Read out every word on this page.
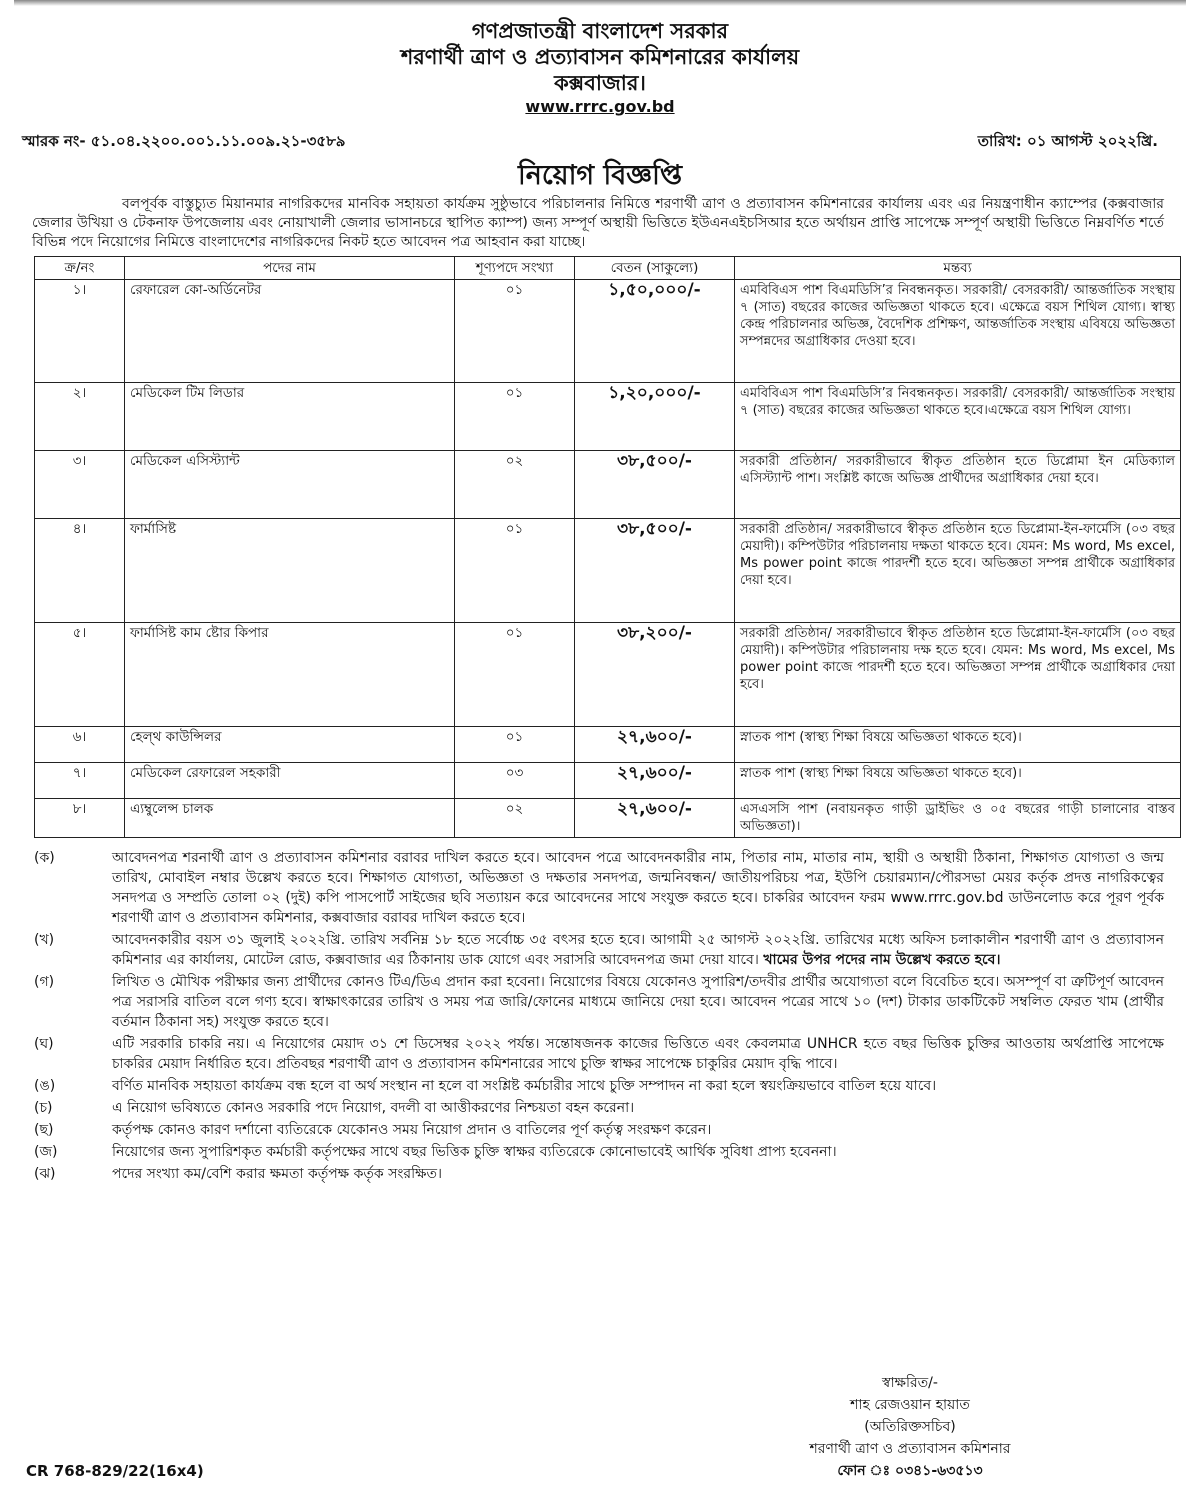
গণপ্রজাতন্ত্রী বাংলাদেশ সরকার
শরণার্থী ত্রাণ ও প্রত্যাবাসন কমিশনারের কার্যালয়
কক্সবাজার।
www.rrrc.gov.bd
স্মারক নং- ৫১.০৪.২২০০.০০১.১১.০০৯.২১-৩৫৮৯	তারিখ: ০১ আগস্ট ২০২২খ্রি.
নিয়োগ বিজ্ঞপ্তি

বলপূর্বক বাস্তুচ্যুত মিয়ানমার নাগরিকদের মানবিক সহায়তা কার্যক্রম সুষ্ঠুভাবে পরিচালনার নিমিত্তে শরণার্থী ত্রাণ ও প্রত্যাবাসন কমিশনারের কার্যালয় এবং এর নিয়ন্ত্রণাধীন ক্যাম্পের (কক্সবাজার জেলার উখিয়া ও টেকনাফ উপজেলায় এবং নোয়াখালী জেলার ভাসানচরে স্থাপিত ক্যাম্প) জন্য সম্পূর্ণ অস্থায়ী ভিত্তিতে ইউএনএইচসিআর হতে অর্থায়ন প্রাপ্তি সাপেক্ষে সম্পূর্ণ অস্থায়ী ভিত্তিতে নিম্নবর্ণিত শর্তে বিভিন্ন পদে নিয়োগের নিমিত্তে বাংলাদেশের নাগরিকদের নিকট হতে আবেদন পত্র আহবান করা যাচ্ছে।

ক্র/নং	পদের নাম	শূণ্যপদে সংখ্যা	বেতন (সাকুল্যে)	মন্তব্য
১।	রেফারেল কো-অর্ডিনেটর	০১	১,৫০,০০০/-	এমবিবিএস পাশ বিএমডিসি’র নিবন্ধনকৃত। সরকারী/ বেসরকারী/ আন্তর্জাতিক সংস্থায় ৭ (সাত) বছরের কাজের অভিজ্ঞতা থাকতে হবে। এক্ষেত্রে বয়স শিথিল যোগ্য। স্বাস্থ্য কেন্দ্র পরিচালনার অভিজ্ঞ, বৈদেশিক প্রশিক্ষণ, আন্তর্জাতিক সংস্থায় এবিষয়ে অভিজ্ঞতা সম্পন্নদের অগ্রাধিকার দেওয়া হবে।
২।	মেডিকেল টিম লিডার	০১	১,২০,০০০/-	এমবিবিএস পাশ বিএমডিসি’র নিবন্ধনকৃত। সরকারী/ বেসরকারী/ আন্তর্জাতিক সংস্থায় ৭ (সাত) বছরের কাজের অভিজ্ঞতা থাকতে হবে।এক্ষেত্রে বয়স শিথিল যোগ্য।
৩।	মেডিকেল এসিস্ট্যান্ট	০২	৩৮,৫০০/-	সরকারী প্রতিষ্ঠান/ সরকারীভাবে স্বীকৃত প্রতিষ্ঠান হতে ডিপ্লোমা ইন মেডিক্যাল এসিস্ট্যান্ট পাশ। সংশ্লিষ্ট কাজে অভিজ্ঞ প্রার্থীদের অগ্রাধিকার দেয়া হবে।
৪।	ফার্মাসিষ্ট	০১	৩৮,৫০০/-	সরকারী প্রতিষ্ঠান/ সরকারীভাবে স্বীকৃত প্রতিষ্ঠান হতে ডিপ্লোমা-ইন-ফার্মেসি (০৩ বছর মেয়াদী)। কম্পিউটার পরিচালনায় দক্ষতা থাকতে হবে। যেমন: Ms word, Ms excel, Ms power point কাজে পারদর্শী হতে হবে। অভিজ্ঞতা সম্পন্ন প্রার্থীকে অগ্রাধিকার দেয়া হবে।
৫।	ফার্মাসিষ্ট কাম ষ্টোর কিপার	০১	৩৮,২০০/-	সরকারী প্রতিষ্ঠান/ সরকারীভাবে স্বীকৃত প্রতিষ্ঠান হতে ডিপ্লোমা-ইন-ফার্মেসি (০৩ বছর মেয়াদী)। কম্পিউটার পরিচালনায় দক্ষ হতে হবে। যেমন: Ms word, Ms excel, Ms power point কাজে পারদর্শী হতে হবে। অভিজ্ঞতা সম্পন্ন প্রার্থীকে অগ্রাধিকার দেয়া হবে।
৬।	হেল্থ কাউন্সিলর	০১	২৭,৬০০/-	স্নাতক পাশ (স্বাস্থ্য শিক্ষা বিষয়ে অভিজ্ঞতা থাকতে হবে)।
৭।	মেডিকেল রেফারেল সহকারী	০৩	২৭,৬০০/-	স্নাতক পাশ (স্বাস্থ্য শিক্ষা বিষয়ে অভিজ্ঞতা থাকতে হবে)।
৮।	এ্যম্বুলেন্স চালক	০২	২৭,৬০০/-	এসএসসি পাশ (নবায়নকৃত গাড়ী ড্রাইভিং ও ০৫ বছরের গাড়ী চালানোর বাস্তব অভিজ্ঞতা)।
(ক)	আবেদনপত্র শরনার্থী ত্রাণ ও প্রত্যাবাসন কমিশনার বরাবর দাখিল করতে হবে। আবেদন পত্রে আবেদনকারীর নাম, পিতার নাম, মাতার নাম, স্থায়ী ও অস্থায়ী ঠিকানা, শিক্ষাগত যোগ্যতা ও জন্ম তারিখ, মোবাইল নম্বার উল্লেখ করতে হবে। শিক্ষাগত যোগ্যতা, অভিজ্ঞতা ও দক্ষতার সনদপত্র, জন্মনিবন্ধন/ জাতীয়পরিচয় পত্র, ইউপি চেয়ারম্যান/পৌরসভা মেয়র কর্তৃক প্রদত্ত নাগরিকত্বের সনদপত্র ও সম্প্রতি তোলা ০২ (দুই) কপি পাসপোর্ট সাইজের ছবি সত্যায়ন করে আবেদনের সাথে সংযুক্ত করতে হবে। চাকরির আবেদন ফরম www.rrrc.gov.bd ডাউনলোড করে পূরণ পূর্বক শরণার্থী ত্রাণ ও প্রত্যাবাসন কমিশনার, কক্সবাজার বরাবর দাখিল করতে হবে।
(খ)	আবেদনকারীর বয়স ৩১ জুলাই ২০২২খ্রি. তারিখ সর্বনিম্ন ১৮ হতে সর্বোচ্চ ৩৫ বৎসর হতে হবে। আগামী ২৫ আগস্ট ২০২২খ্রি. তারিখের মধ্যে অফিস চলাকালীন শরণার্থী ত্রাণ ও প্রত্যাবাসন কমিশনার এর কার্যালয়, মোটেল রোড, কক্সবাজার এর ঠিকানায় ডাক যোগে এবং সরাসরি আবেদনপত্র জমা দেয়া যাবে। খামের উপর পদের নাম উল্লেখ করতে হবে।
(গ)	লিখিত ও মৌখিক পরীক্ষার জন্য প্রার্থীদের কোনও টিএ/ডিএ প্রদান করা হবেনা। নিয়োগের বিষয়ে যেকোনও সুপারিশ/তদবীর প্রার্থীর অযোগ্যতা বলে বিবেচিত হবে। অসম্পূর্ণ বা ত্রুটিপূর্ণ আবেদন পত্র সরাসরি বাতিল বলে গণ্য হবে। স্বাক্ষাৎকারের তারিখ ও সময় পত্র জারি/ফোনের মাধ্যমে জানিয়ে দেয়া হবে। আবেদন পত্রের সাথে ১০ (দশ) টাকার ডাকটিকেট সম্বলিত ফেরত খাম (প্রার্থীর বর্তমান ঠিকানা সহ) সংযুক্ত করতে হবে।
(ঘ)	এটি সরকারি চাকরি নয়। এ নিয়োগের মেয়াদ ৩১ শে ডিসেম্বর ২০২২ পর্যন্ত। সন্তোষজনক কাজের ভিত্তিতে এবং কেবলমাত্র UNHCR হতে বছর ভিত্তিক চুক্তির আওতায় অর্থপ্রাপ্তি সাপেক্ষে চাকরির মেয়াদ নির্ধারিত হবে। প্রতিবছর শরণার্থী ত্রাণ ও প্রত্যাবাসন কমিশনারের সাথে চুক্তি স্বাক্ষর সাপেক্ষে চাকুরির মেয়াদ বৃদ্ধি পাবে।
(ঙ)	বর্ণিত মানবিক সহায়তা কার্যক্রম বন্ধ হলে বা অর্থ সংস্থান না হলে বা সংশ্লিষ্ট কর্মচারীর সাথে চুক্তি সম্পাদন না করা হলে স্বয়ংক্রিয়ভাবে বাতিল হয়ে যাবে।
(চ)	এ নিয়োগ ভবিষ্যতে কোনও সরকারি পদে নিয়োগ, বদলী বা আত্তীকরণের নিশ্চয়তা বহন করেনা।
(ছ)	কর্তৃপক্ষ কোনও কারণ দর্শানো ব্যতিরেকে যেকোনও সময় নিয়োগ প্রদান ও বাতিলের পূর্ণ কর্তৃত্ব সংরক্ষণ করেন।
(জ)	নিয়োগের জন্য সুপারিশকৃত কর্মচারী কর্তৃপক্ষের সাথে বছর ভিত্তিক চুক্তি স্বাক্ষর ব্যতিরেকে কোনোভাবেই আর্থিক সুবিধা প্রাপ্য হবেননা।
(ঝ)	পদের সংখ্যা কম/বেশি করার ক্ষমতা কর্তৃপক্ষ কর্তৃক সংরক্ষিত।
স্বাক্ষরিত/-
শাহ রেজওয়ান হায়াত
(অতিরিক্তসচিব)
শরণার্থী ত্রাণ ও প্রত্যাবাসন কমিশনার
ফোন ঃ ০৩৪১-৬৩৫১৩
CR 768-829/22(16x4)
